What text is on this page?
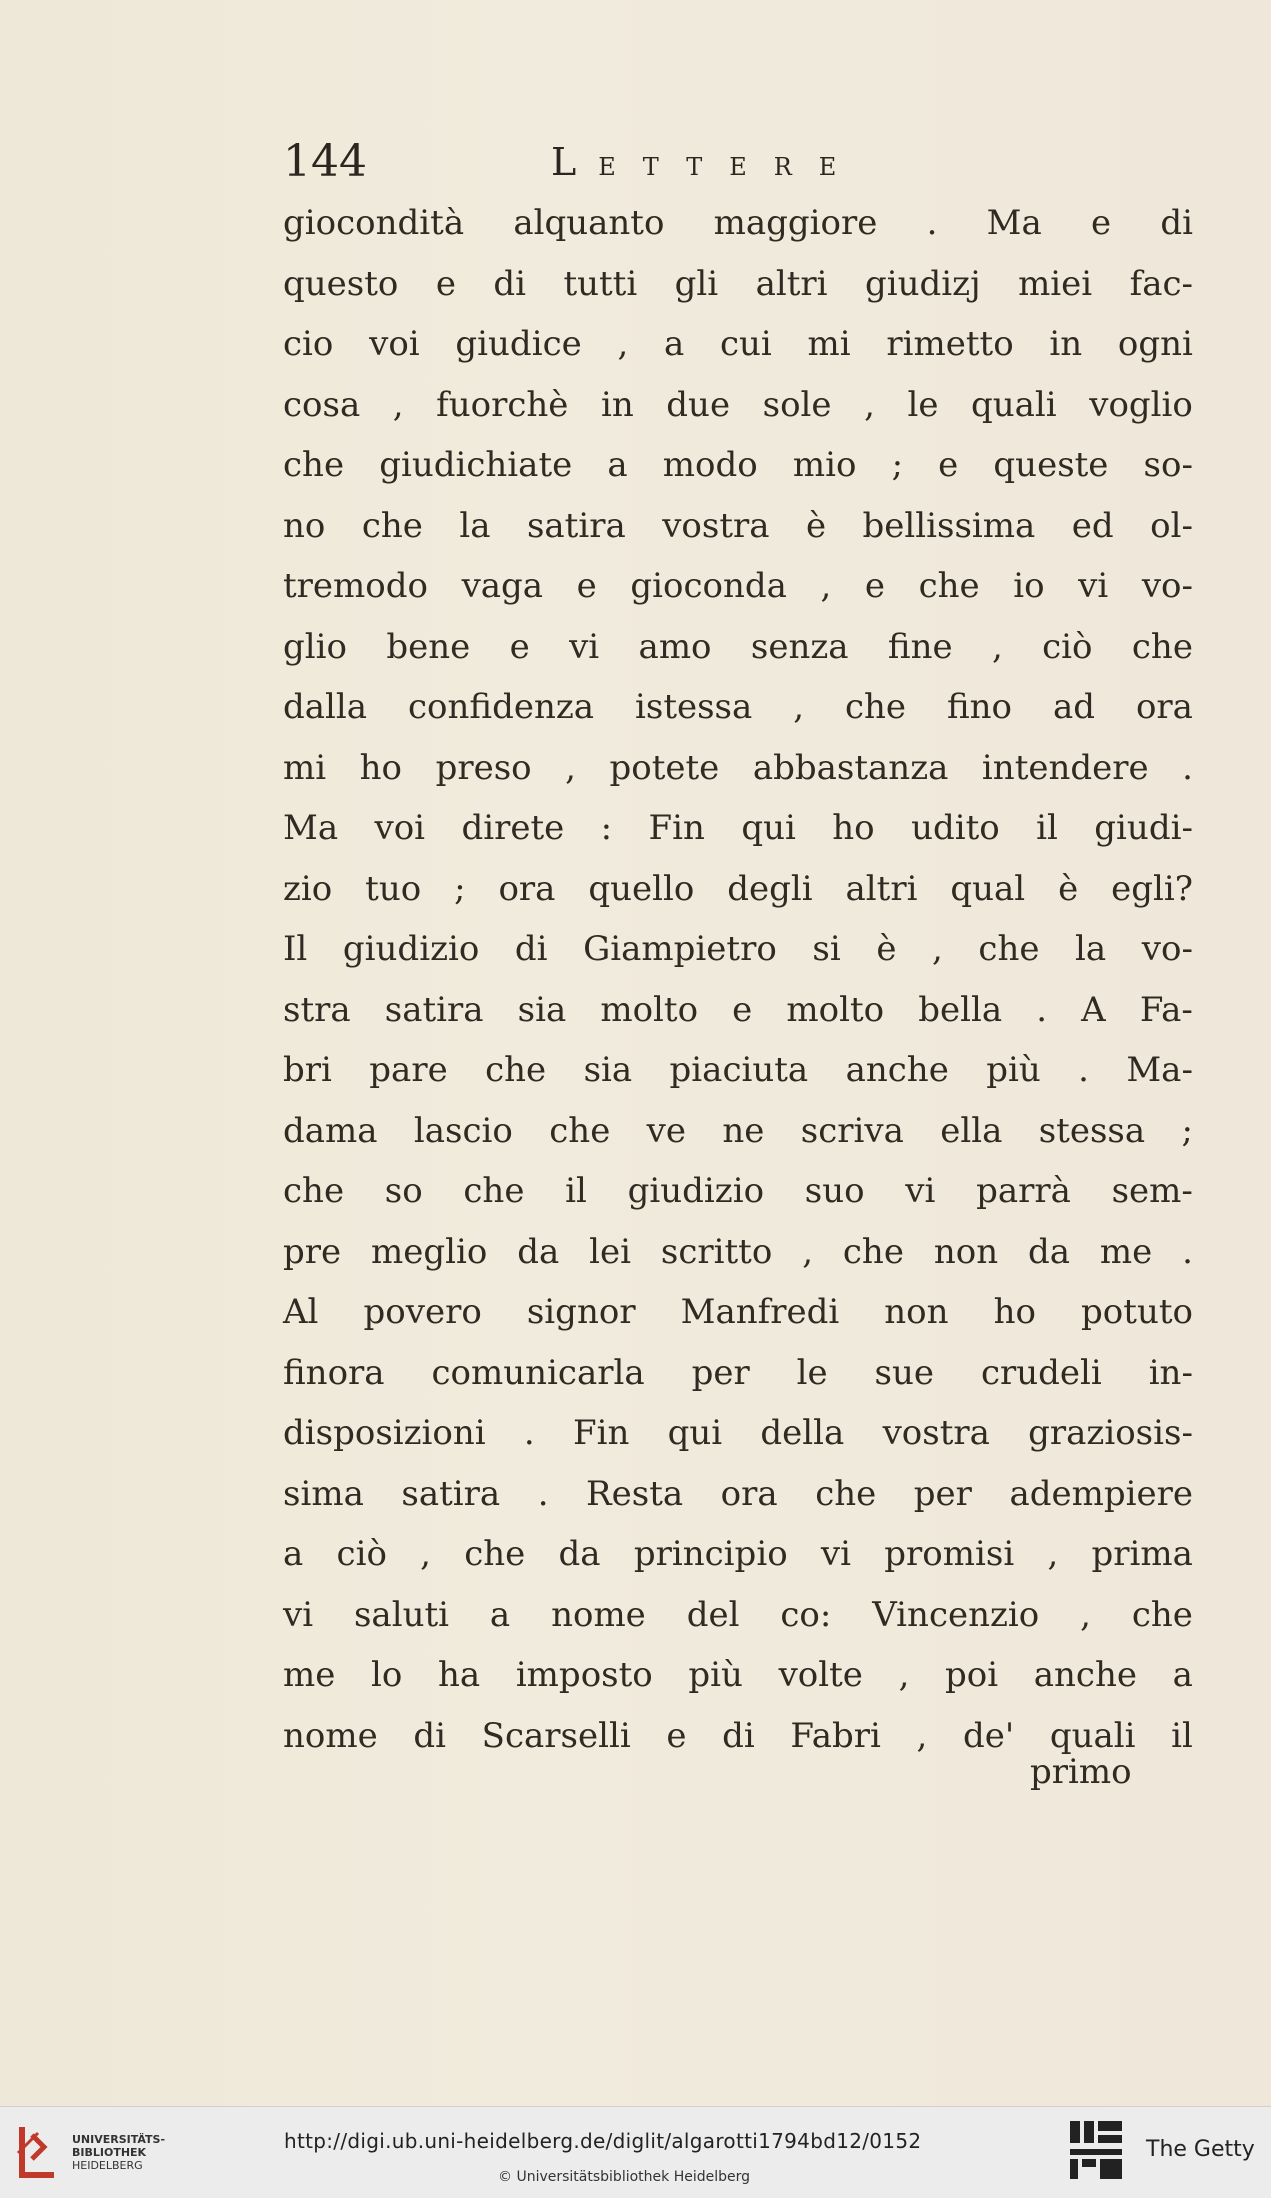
144	LETTERE
giocondità alquanto maggiore . Ma e di
questo e di tutti gli altri giudizj miei fac-
cio voi giudice , a cui mi rimetto in ogni
cosa , fuorchè in due sole , le quali voglio
che giudichiate a modo mio ; e queste so-
no che la satira vostra è bellissima ed ol-
tremodo vaga e gioconda , e che io vi vo-
glio bene e vi amo senza fine , ciò che
dalla confidenza istessa , che fino ad ora
mi ho preso , potete abbastanza intendere .
Ma voi direte : Fin qui ho udito il giudi-
zio tuo ; ora quello degli altri qual è egli?
Il giudizio di Giampietro si è , che la vo-
stra satira sia molto e molto bella . A Fa-
bri pare che sia piaciuta anche più . Ma-
dama lascio che ve ne scriva ella stessa ;
che so che il giudizio suo vi parrà sem-
pre meglio da lei scritto , che non da me .
Al povero signor Manfredi non ho potuto
finora comunicarla per le sue crudeli in-
disposizioni . Fin qui della vostra graziosis-
sima satira . Resta ora che per adempiere
a ciò , che da principio vi promisi , prima
vi saluti a nome del co: Vincenzio , che
me lo ha imposto più volte , poi anche a
nome di Scarselli e di Fabri , de' quali il
primo
UNIVERSITÄTS-
BIBLIOTHEK
HEIDELBERG
http://digi.ub.uni-heidelberg.de/diglit/algarotti1794bd12/0152
© Universitätsbibliothek Heidelberg
The Getty
